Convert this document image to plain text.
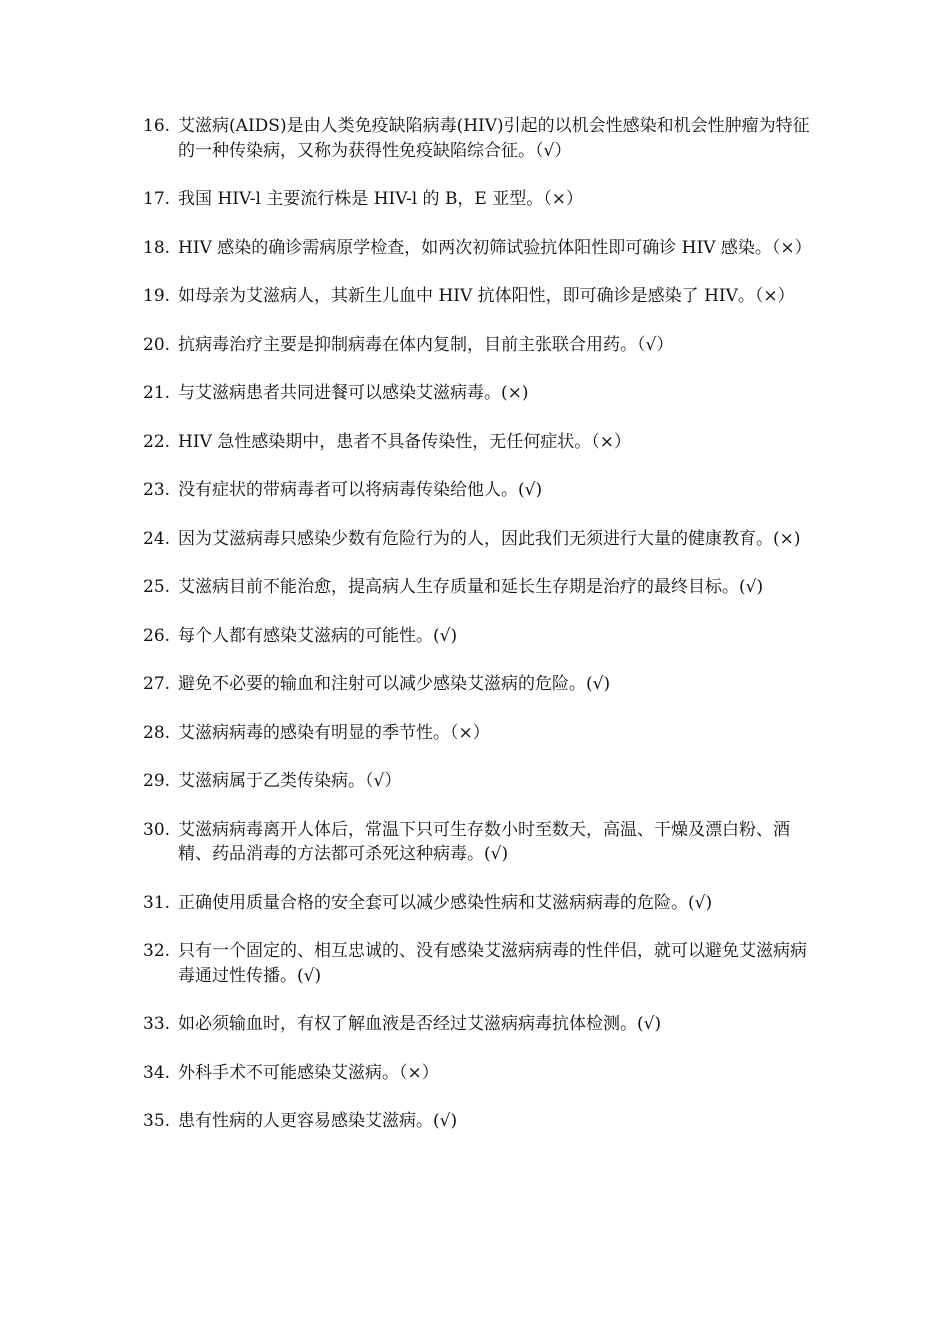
16. 艾滋病(AIDS)是由人类免疫缺陷病毒(HIV)引起的以机会性感染和机会性肿瘤为特征的一种传染病，又称为获得性免疫缺陷综合征。（√）
17. 我国 HIV-l 主要流行株是 HIV-l 的 B，E 亚型。（×）
18. HIV 感染的确诊需病原学检查，如两次初筛试验抗体阳性即可确诊 HIV 感染。（×）
19. 如母亲为艾滋病人，其新生儿血中 HIV 抗体阳性，即可确诊是感染了 HIV。（×）
20. 抗病毒治疗主要是抑制病毒在体内复制，目前主张联合用药。（√）
21. 与艾滋病患者共同进餐可以感染艾滋病毒。(×)
22. HIV 急性感染期中，患者不具备传染性，无任何症状。（×）
23. 没有症状的带病毒者可以将病毒传染给他人。(√)
24. 因为艾滋病毒只感染少数有危险行为的人，因此我们无须进行大量的健康教育。(×)
25. 艾滋病目前不能治愈，提高病人生存质量和延长生存期是治疗的最终目标。(√)
26. 每个人都有感染艾滋病的可能性。(√)
27. 避免不必要的输血和注射可以减少感染艾滋病的危险。(√)
28. 艾滋病病毒的感染有明显的季节性。（×）
29. 艾滋病属于乙类传染病。（√）
30. 艾滋病病毒离开人体后，常温下只可生存数小时至数天，高温、干燥及漂白粉、酒精、药品消毒的方法都可杀死这种病毒。(√)
31. 正确使用质量合格的安全套可以减少感染性病和艾滋病病毒的危险。(√)
32. 只有一个固定的、相互忠诚的、没有感染艾滋病病毒的性伴侣，就可以避免艾滋病病毒通过性传播。(√)
33. 如必须输血时，有权了解血液是否经过艾滋病病毒抗体检测。(√)
34. 外科手术不可能感染艾滋病。（×）
35. 患有性病的人更容易感染艾滋病。(√)
